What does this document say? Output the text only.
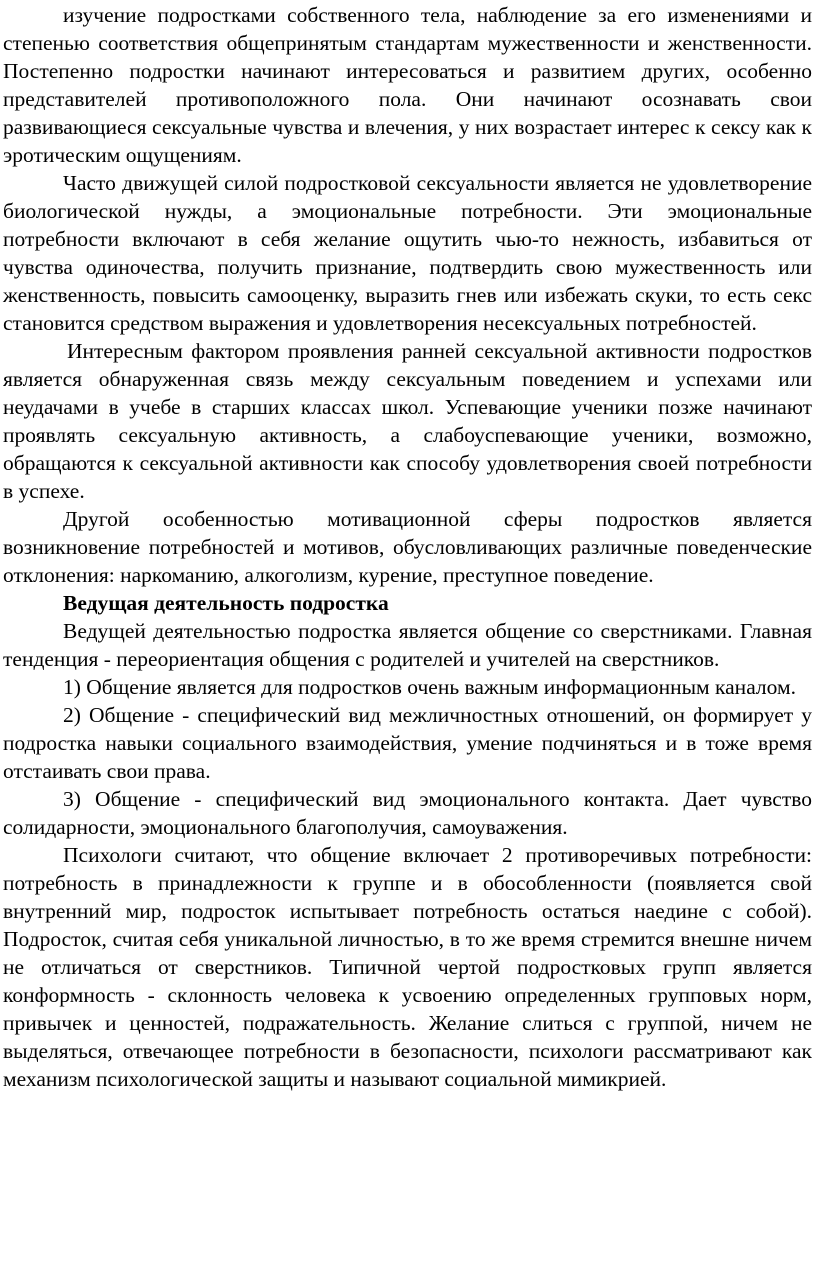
изучение подростками собственного тела, наблюдение за его изменениями и степенью соответствия общепринятым стандартам мужественности и женственности. Постепенно подростки начинают интересоваться и развитием других, особенно представителей противоположного пола. Они начинают осознавать свои развивающиеся сексуальные чувства и влечения, у них возрастает интерес к сексу как к эротическим ощущениям.

Часто движущей силой подростковой сексуальности является не удовлетворение биологической нужды, а эмоциональные потребности. Эти эмоциональные потребности включают в себя желание ощутить чью-то нежность, избавиться от чувства одиночества, получить признание, подтвердить свою мужественность или женственность, повысить самооценку, выразить гнев или избежать скуки, то есть секс становится средством выражения и удовлетворения несексуальных потребностей.

Интересным фактором проявления ранней сексуальной активности подростков является обнаруженная связь между сексуальным поведением и успехами или неудачами в учебе в старших классах школ. Успевающие ученики позже начинают проявлять сексуальную активность, а слабоуспевающие ученики, возможно, обращаются к сексуальной активности как способу удовлетворения своей потребности в успехе.

Другой особенностью мотивационной сферы подростков является возникновение потребностей и мотивов, обусловливающих различные поведенческие отклонения: наркоманию, алкоголизм, курение, преступное поведение.

Ведущая деятельность подростка

Ведущей деятельностью подростка является общение со сверстниками. Главная тенденция - переориентация общения с родителей и учителей на сверстников.

1) Общение является для подростков очень важным информационным каналом.

2) Общение - специфический вид межличностных отношений, он формирует у подростка навыки социального взаимодействия, умение подчиняться и в тоже время отстаивать свои права.

3) Общение - специфический вид эмоционального контакта. Дает чувство солидарности, эмоционального благополучия, самоуважения.

Психологи считают, что общение включает 2 противоречивых потребности: потребность в принадлежности к группе и в обособленности (появляется свой внутренний мир, подросток испытывает потребность остаться наедине с собой). Подросток, считая себя уникальной личностью, в то же время стремится внешне ничем не отличаться от сверстников. Типичной чертой подростковых групп является конформность - склонность человека к усвоению определенных групповых норм, привычек и ценностей, подражательность. Желание слиться с группой, ничем не выделяться, отвечающее потребности в безопасности, психологи рассматривают как механизм психологической защиты и называют социальной мимикрией.
